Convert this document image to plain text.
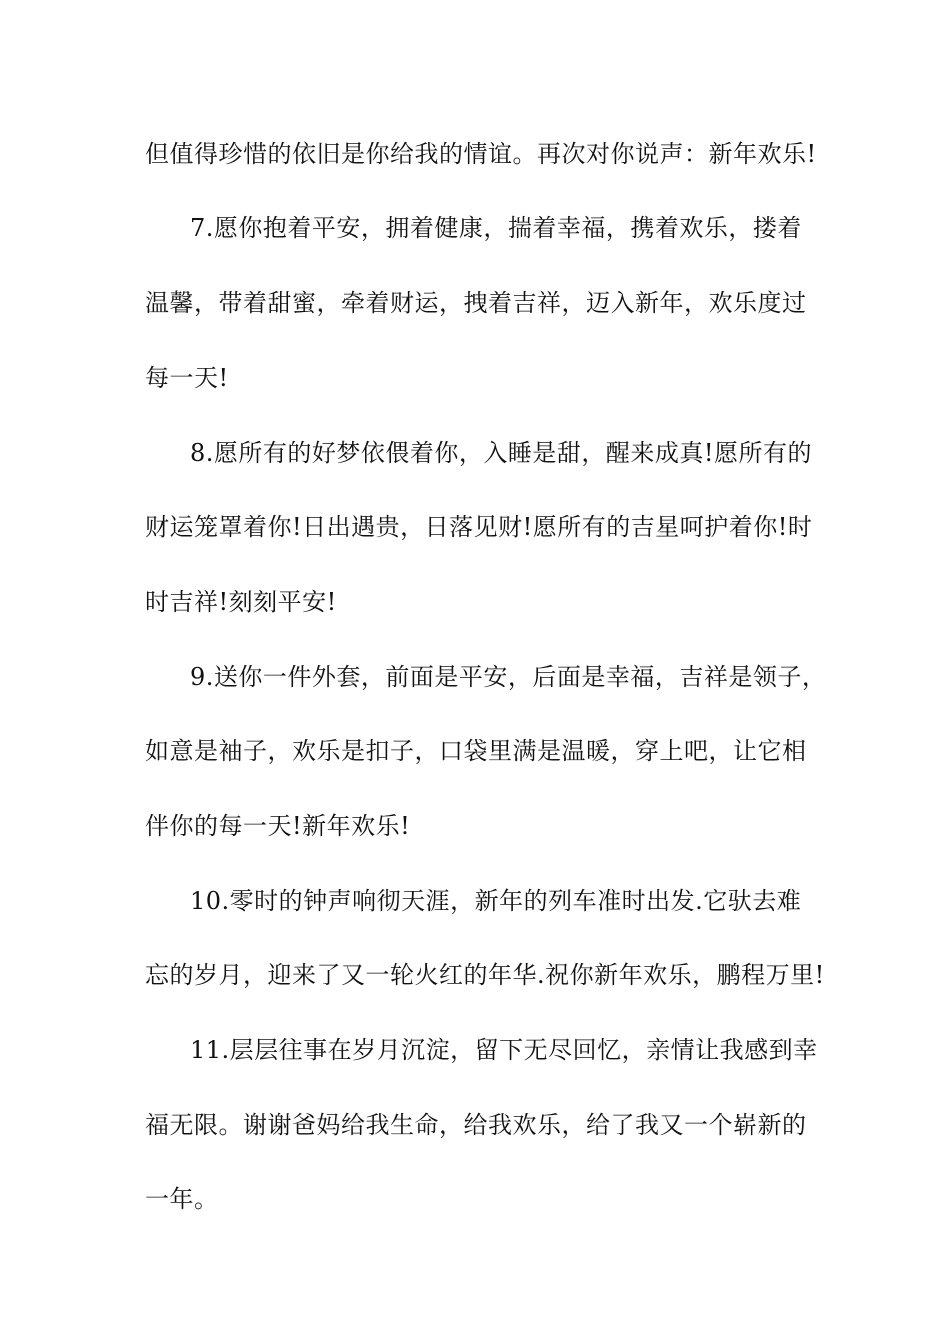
但值得珍惜的依旧是你给我的情谊。再次对你说声：新年欢乐!

7.愿你抱着平安，拥着健康，揣着幸福，携着欢乐，搂着

温馨，带着甜蜜，牵着财运，拽着吉祥，迈入新年，欢乐度过

每一天!

8.愿所有的好梦依偎着你，入睡是甜，醒来成真!愿所有的

财运笼罩着你!日出遇贵，日落见财!愿所有的吉星呵护着你!时

时吉祥!刻刻平安!

9.送你一件外套，前面是平安，后面是幸福，吉祥是领子，

如意是袖子，欢乐是扣子，口袋里满是温暖，穿上吧，让它相

伴你的每一天!新年欢乐!

10.零时的钟声响彻天涯，新年的列车准时出发.它驮去难

忘的岁月，迎来了又一轮火红的年华.祝你新年欢乐，鹏程万里!

11.层层往事在岁月沉淀，留下无尽回忆，亲情让我感到幸

福无限。谢谢爸妈给我生命，给我欢乐，给了我又一个崭新的

一年。
